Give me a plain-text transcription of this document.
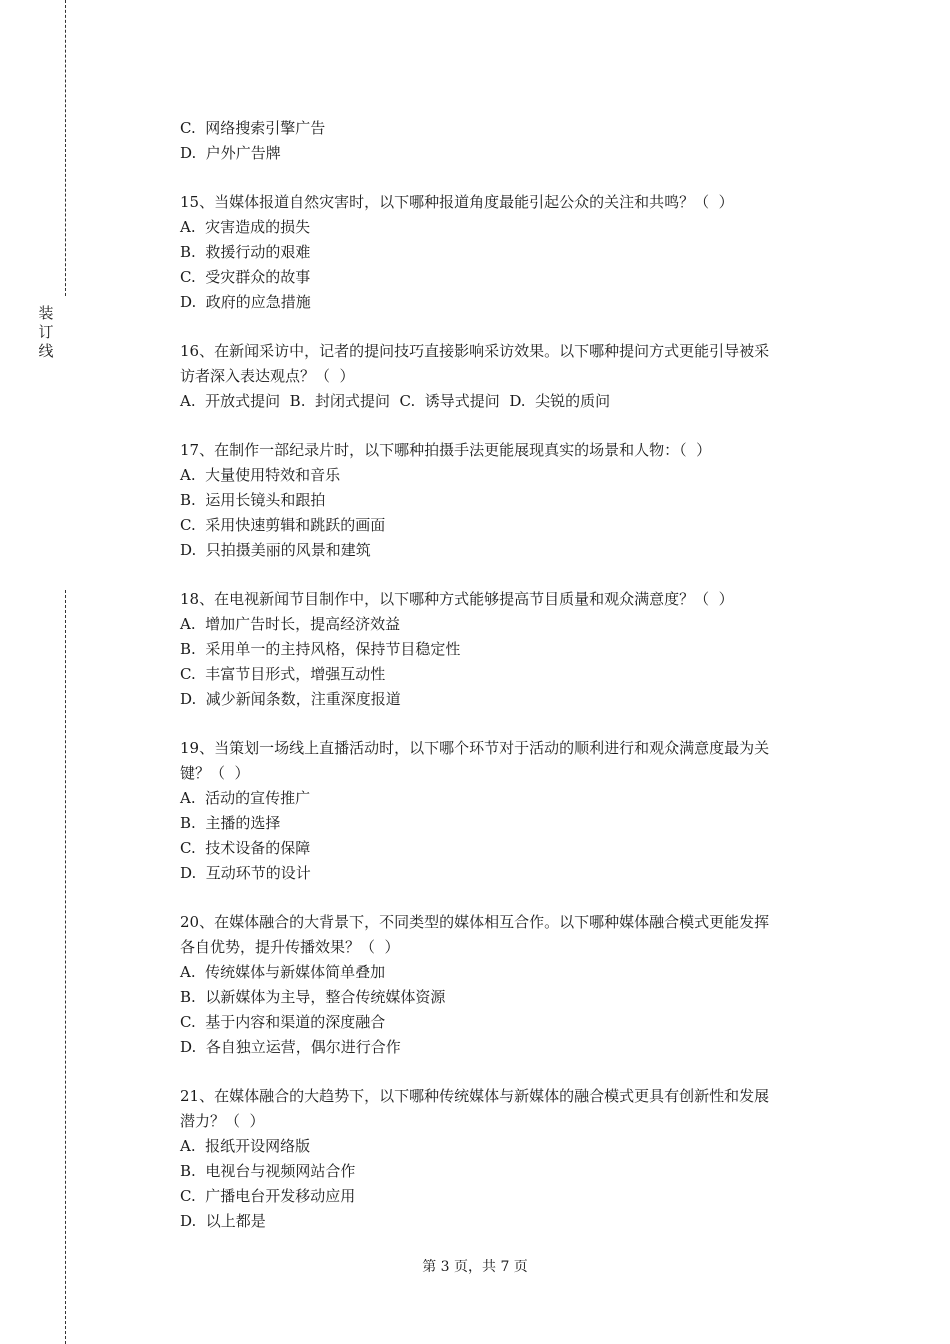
装
订
线

C.  网络搜索引擎广告

D.  户外广告牌

15、当媒体报道自然灾害时，以下哪种报道角度最能引起公众的关注和共鸣？（  ）

A.  灾害造成的损失

B.  救援行动的艰难

C.  受灾群众的故事

D.  政府的应急措施

16、在新闻采访中，记者的提问技巧直接影响采访效果。以下哪种提问方式更能引导被采

访者深入表达观点？（  ）

A.  开放式提问  B.  封闭式提问  C.  诱导式提问  D.  尖锐的质问

17、在制作一部纪录片时，以下哪种拍摄手法更能展现真实的场景和人物：（  ）

A.  大量使用特效和音乐

B.  运用长镜头和跟拍

C.  采用快速剪辑和跳跃的画面

D.  只拍摄美丽的风景和建筑

18、在电视新闻节目制作中，以下哪种方式能够提高节目质量和观众满意度？（  ）

A.  增加广告时长，提高经济效益

B.  采用单一的主持风格，保持节目稳定性

C.  丰富节目形式，增强互动性

D.  减少新闻条数，注重深度报道

19、当策划一场线上直播活动时，以下哪个环节对于活动的顺利进行和观众满意度最为关

键？（  ）

A.  活动的宣传推广

B.  主播的选择

C.  技术设备的保障

D.  互动环节的设计

20、在媒体融合的大背景下，不同类型的媒体相互合作。以下哪种媒体融合模式更能发挥

各自优势，提升传播效果？（  ）

A.  传统媒体与新媒体简单叠加

B.  以新媒体为主导，整合传统媒体资源

C.  基于内容和渠道的深度融合

D.  各自独立运营，偶尔进行合作

21、在媒体融合的大趋势下，以下哪种传统媒体与新媒体的融合模式更具有创新性和发展

潜力？（  ）

A.  报纸开设网络版

B.  电视台与视频网站合作

C.  广播电台开发移动应用

D.  以上都是

第 3 页，共 7 页
